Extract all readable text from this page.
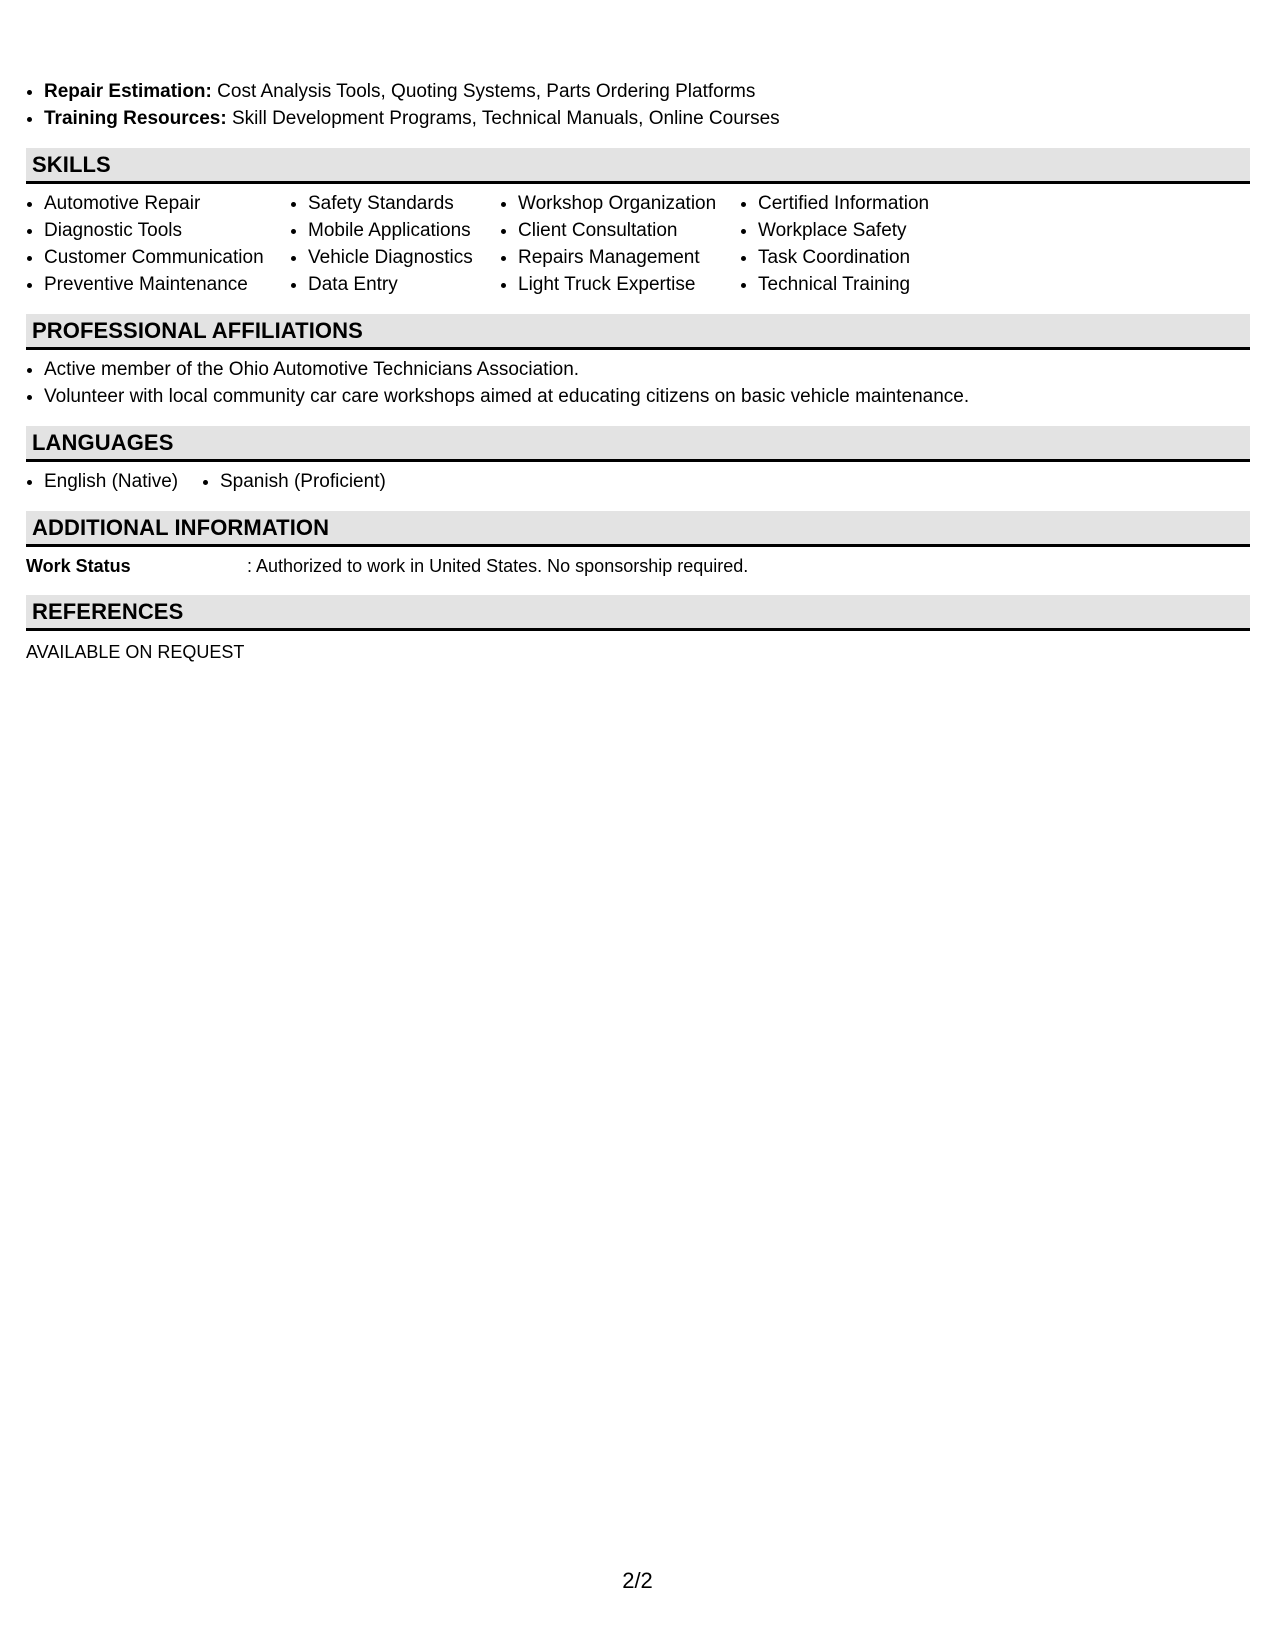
• Repair Estimation: Cost Analysis Tools, Quoting Systems, Parts Ordering Platforms
• Training Resources: Skill Development Programs, Technical Manuals, Online Courses
SKILLS
• Automotive Repair
• Diagnostic Tools
• Customer Communication
• Preventive Maintenance
• Safety Standards
• Mobile Applications
• Vehicle Diagnostics
• Data Entry
• Workshop Organization
• Client Consultation
• Repairs Management
• Light Truck Expertise
• Certified Information
• Workplace Safety
• Task Coordination
• Technical Training
PROFESSIONAL AFFILIATIONS
• Active member of the Ohio Automotive Technicians Association.
• Volunteer with local community car care workshops aimed at educating citizens on basic vehicle maintenance.
LANGUAGES
• English (Native)
•	Spanish (Proficient)
ADDITIONAL INFORMATION
Work Status	: Authorized to work in United States. No sponsorship required.
REFERENCES
AVAILABLE ON REQUEST
2/2
